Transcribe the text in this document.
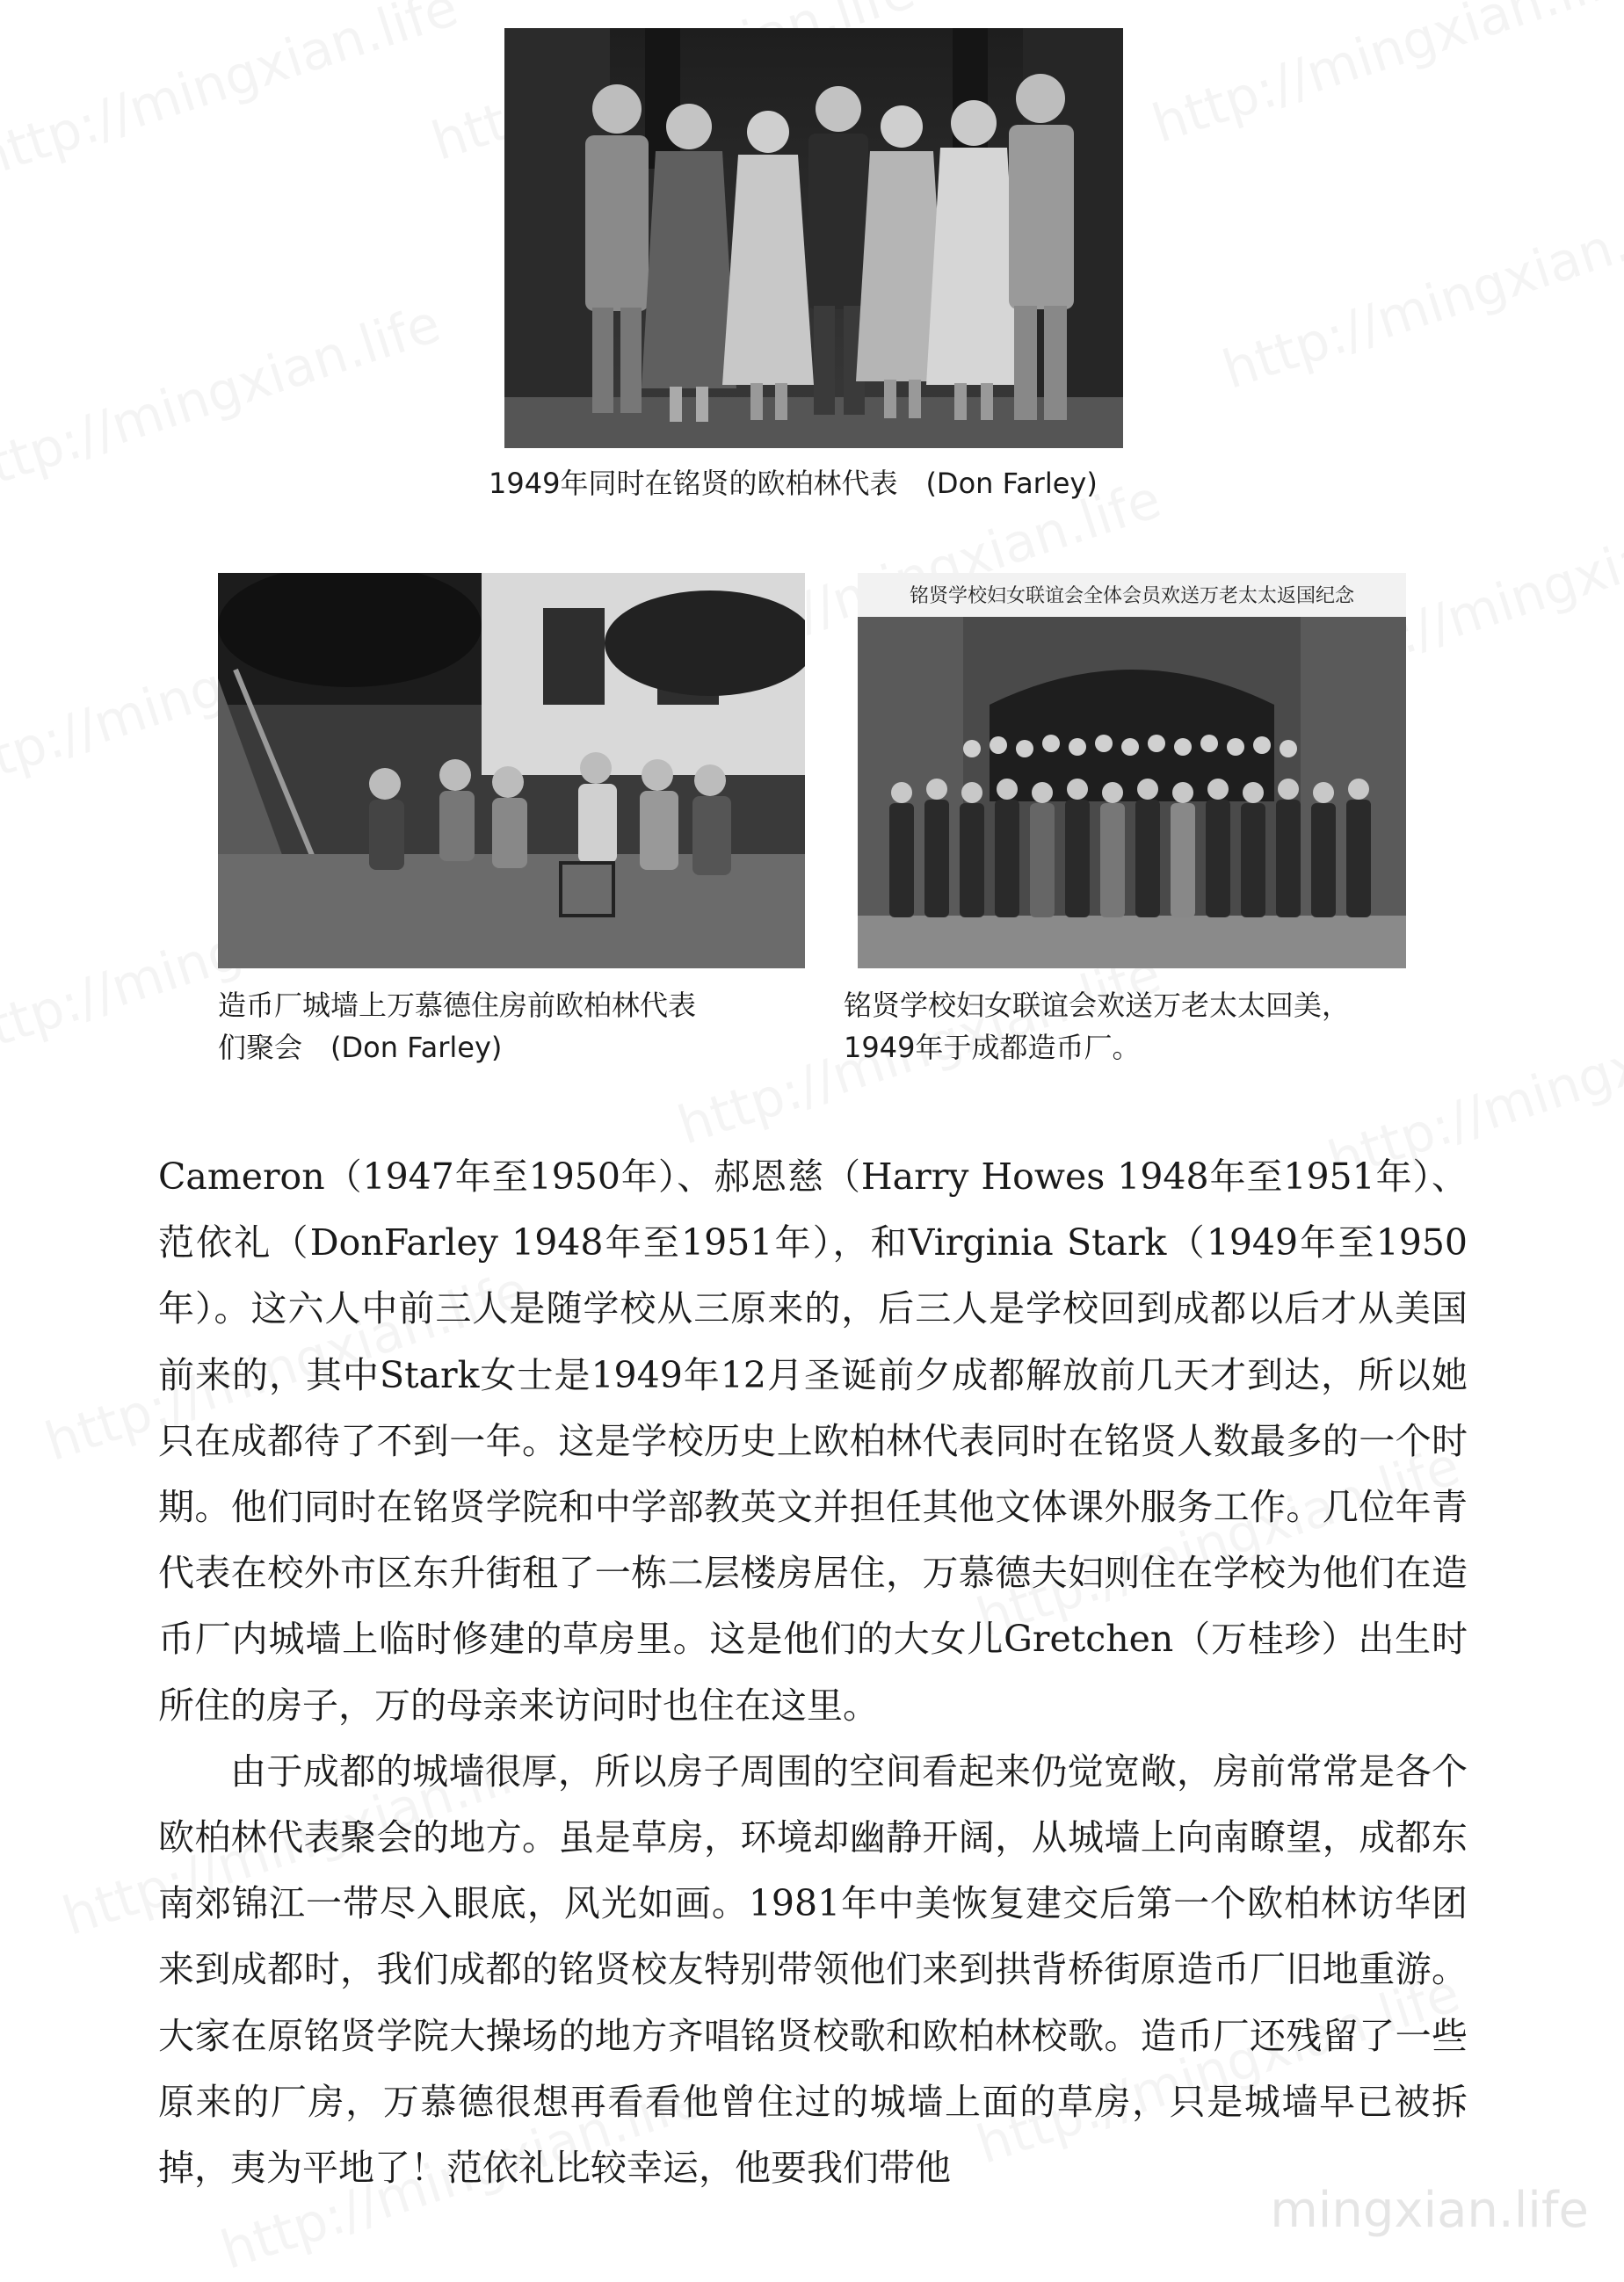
1949年同时在铭贤的欧柏林代表　(Don Farley)
造币厂城墙上万慕德住房前欧柏林代表
们聚会　(Don Farley)
铭贤学校妇女联谊会全体会员欢送万老太太返国纪念
铭贤学校妇女联谊会欢送万老太太回美，
1949年于成都造币厂。

Cameron（1947年至1950年）、郝恩慈（Harry Howes 1948年至1951年）、范依礼（DonFarley 1948年至1951年），和Virginia Stark（1949年至1950年）。这六人中前三人是随学校从三原来的，后三人是学校回到成都以后才从美国前来的，其中Stark女士是1949年12月圣诞前夕成都解放前几天才到达，所以她只在成都待了不到一年。这是学校历史上欧柏林代表同时在铭贤人数最多的一个时期。他们同时在铭贤学院和中学部教英文并担任其他文体课外服务工作。几位年青代表在校外市区东升街租了一栋二层楼房居住，万慕德夫妇则住在学校为他们在造币厂内城墙上临时修建的草房里。这是他们的大女儿Gretchen（万桂珍）出生时所住的房子，万的母亲来访问时也住在这里。

由于成都的城墙很厚，所以房子周围的空间看起来仍觉宽敞，房前常常是各个欧柏林代表聚会的地方。虽是草房，环境却幽静开阔，从城墙上向南瞭望，成都东南郊锦江一带尽入眼底，风光如画。1981年中美恢复建交后第一个欧柏林访华团来到成都时，我们成都的铭贤校友特别带领他们来到拱背桥街原造币厂旧地重游。大家在原铭贤学院大操场的地方齐唱铭贤校歌和欧柏林校歌。造币厂还残留了一些原来的厂房，万慕德很想再看看他曾住过的城墙上面的草房，只是城墙早已被拆掉，夷为平地了！范依礼比较幸运，他要我们带他

mingxian.life
